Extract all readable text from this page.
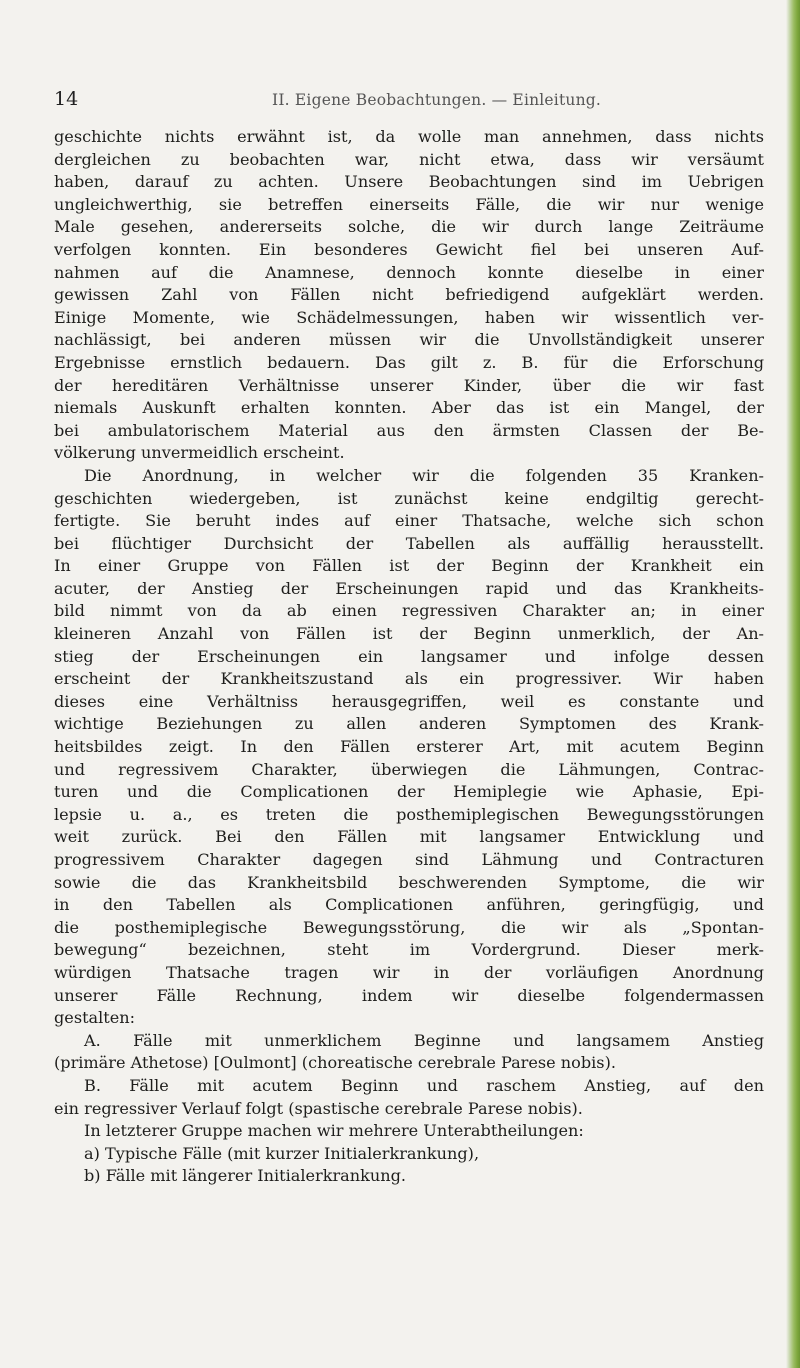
14	II. Eigene Beobachtungen. — Einleitung.
geschichte nichts erwähnt ist, da wolle man annehmen, dass nichts
dergleichen zu beobachten war, nicht etwa, dass wir versäumt
haben, darauf zu achten. Unsere Beobachtungen sind im Uebrigen
ungleichwerthig, sie betreffen einerseits Fälle, die wir nur wenige
Male gesehen, andererseits solche, die wir durch lange Zeiträume
verfolgen konnten. Ein besonderes Gewicht fiel bei unseren Auf-
nahmen auf die Anamnese, dennoch konnte dieselbe in einer
gewissen Zahl von Fällen nicht befriedigend aufgeklärt werden.
Einige Momente, wie Schädelmessungen, haben wir wissentlich ver-
nachlässigt, bei anderen müssen wir die Unvollständigkeit unserer
Ergebnisse ernstlich bedauern. Das gilt z. B. für die Erforschung
der hereditären Verhältnisse unserer Kinder, über die wir fast
niemals Auskunft erhalten konnten. Aber das ist ein Mangel, der
bei ambulatorischem Material aus den ärmsten Classen der Be-
völkerung unvermeidlich erscheint.
Die Anordnung, in welcher wir die folgenden 35 Kranken-
geschichten wiedergeben, ist zunächst keine endgiltig gerecht-
fertigte. Sie beruht indes auf einer Thatsache, welche sich schon
bei flüchtiger Durchsicht der Tabellen als auffällig herausstellt.
In einer Gruppe von Fällen ist der Beginn der Krankheit ein
acuter, der Anstieg der Erscheinungen rapid und das Krankheits-
bild nimmt von da ab einen regressiven Charakter an; in einer
kleineren Anzahl von Fällen ist der Beginn unmerklich, der An-
stieg der Erscheinungen ein langsamer und infolge dessen
erscheint der Krankheitszustand als ein progressiver. Wir haben
dieses eine Verhältniss herausgegriffen, weil es constante und
wichtige Beziehungen zu allen anderen Symptomen des Krank-
heitsbildes zeigt. In den Fällen ersterer Art, mit acutem Beginn
und regressivem Charakter, überwiegen die Lähmungen, Contrac-
turen und die Complicationen der Hemiplegie wie Aphasie, Epi-
lepsie u. a., es treten die posthemiplegischen Bewegungsstörungen
weit zurück. Bei den Fällen mit langsamer Entwicklung und
progressivem Charakter dagegen sind Lähmung und Contracturen
sowie die das Krankheitsbild beschwerenden Symptome, die wir
in den Tabellen als Complicationen anführen, geringfügig, und
die posthemiplegische Bewegungsstörung, die wir als „Spontan-
bewegung“ bezeichnen, steht im Vordergrund. Dieser merk-
würdigen Thatsache tragen wir in der vorläufigen Anordnung
unserer Fälle Rechnung, indem wir dieselbe folgendermassen
gestalten:
A. Fälle mit unmerklichem Beginne und langsamem Anstieg
(primäre Athetose) [Oulmont] (choreatische cerebrale Parese nobis).
B. Fälle mit acutem Beginn und raschem Anstieg, auf den
ein regressiver Verlauf folgt (spastische cerebrale Parese nobis).
In letzterer Gruppe machen wir mehrere Unterabtheilungen:
a) Typische Fälle (mit kurzer Initialerkrankung),
b) Fälle mit längerer Initialerkrankung.
